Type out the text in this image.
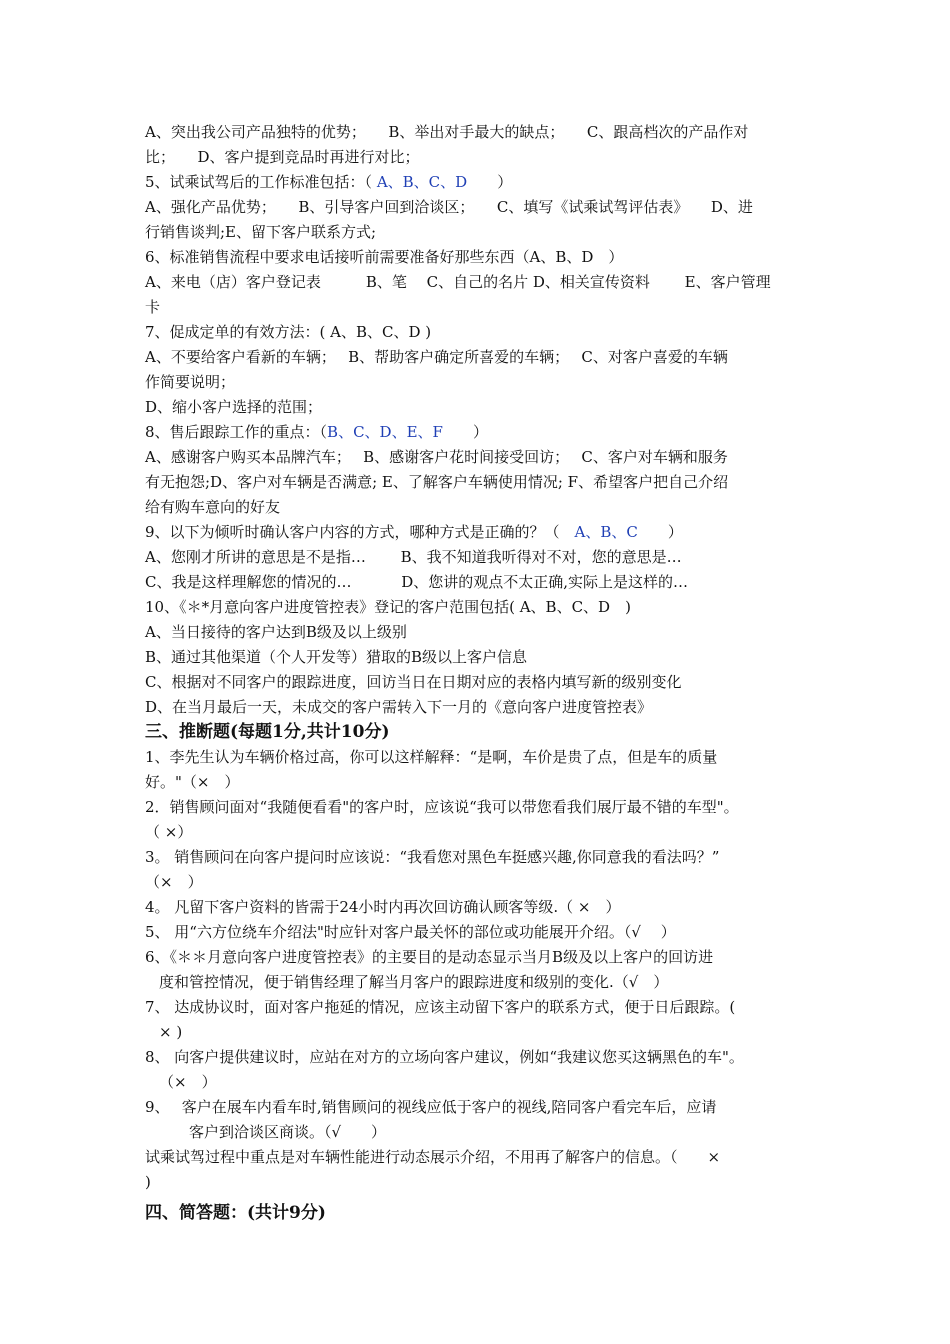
A、突出我公司产品独特的优势；　　B、举出对手最大的缺点；　　C、跟高档次的产品作对
比；　　D、客户提到竞品时再进行对比；
5、试乘试驾后的工作标准包括：（ A、B、C、D　　）
A、强化产品优势；　　B、引导客户回到洽谈区；　　C、填写《试乘试驾评估表》　　D、进
行销售谈判;E、留下客户联系方式;
6、标准销售流程中要求电话接听前需要准备好那些东西（A、B、D　）
A、来电（店）客户登记表　　　B、笔　 C、自己的名片 D、相关宣传资料　　 E、客户管理
卡
7、促成定单的有效方法：( A、B、C、D )
A、不要给客户看新的车辆；　 B、帮助客户确定所喜爱的车辆；　 C、对客户喜爱的车辆
作简要说明；
D、缩小客户选择的范围；
8、售后跟踪工作的重点：（B、C、D、E、F　　）
A、感谢客户购买本品牌汽车；　 B、感谢客户花时间接受回访；　 C、客户对车辆和服务
有无抱怨;D、客户对车辆是否满意; E、了解客户车辆使用情况; F、希望客户把自己介绍
给有购车意向的好友
9、以下为倾听时确认客户内容的方式，哪种方式是正确的？（　A、B、C　　）
A、您刚才所讲的意思是不是指…　　 B、我不知道我听得对不对，您的意思是…
C、我是这样理解您的情况的…　　　 D、您讲的观点不太正确,实际上是这样的…
10、《＊*月意向客户进度管控表》登记的客户范围包括( A、B、C、D　)
A、当日接待的客户达到B级及以上级别
B、通过其他渠道（个人开发等）猎取的B级以上客户信息
C、根据对不同客户的跟踪进度，回访当日在日期对应的表格内填写新的级别变化
D、在当月最后一天，未成交的客户需转入下一月的《意向客户进度管控表》
三、推断题(每题1分,共计10分)
1、李先生认为车辆价格过高，你可以这样解释：“是啊，车价是贵了点，但是车的质量
好。"（×　）
2．销售顾问面对“我随便看看"的客户时，应该说“我可以带您看我们展厅最不错的车型"。
（ ×）
3。 销售顾问在向客户提问时应该说：“我看您对黑色车挺感兴趣,你同意我的看法吗？”
（×　）
4。 凡留下客户资料的皆需于24小时内再次回访确认顾客等级.（ ×　）
5、 用“六方位绕车介绍法"时应针对客户最关怀的部位或功能展开介绍。（√　 ）
6、《＊＊月意向客户进度管控表》的主要目的是动态显示当月B级及以上客户的回访进
度和管控情况，便于销售经理了解当月客户的跟踪进度和级别的变化.（√　）
7、 达成协议时，面对客户拖延的情况，应该主动留下客户的联系方式，便于日后跟踪。(
× )
8、 向客户提供建议时，应站在对方的立场向客户建议，例如“我建议您买这辆黑色的车"。
（×　）
9、　 客户在展车内看车时,销售顾问的视线应低于客户的视线,陪同客户看完车后，应请
客户到洽谈区商谈。（√　　）
试乘试驾过程中重点是对车辆性能进行动态展示介绍，不用再了解客户的信息。（　　×
)
四、简答题：(共计9分)
